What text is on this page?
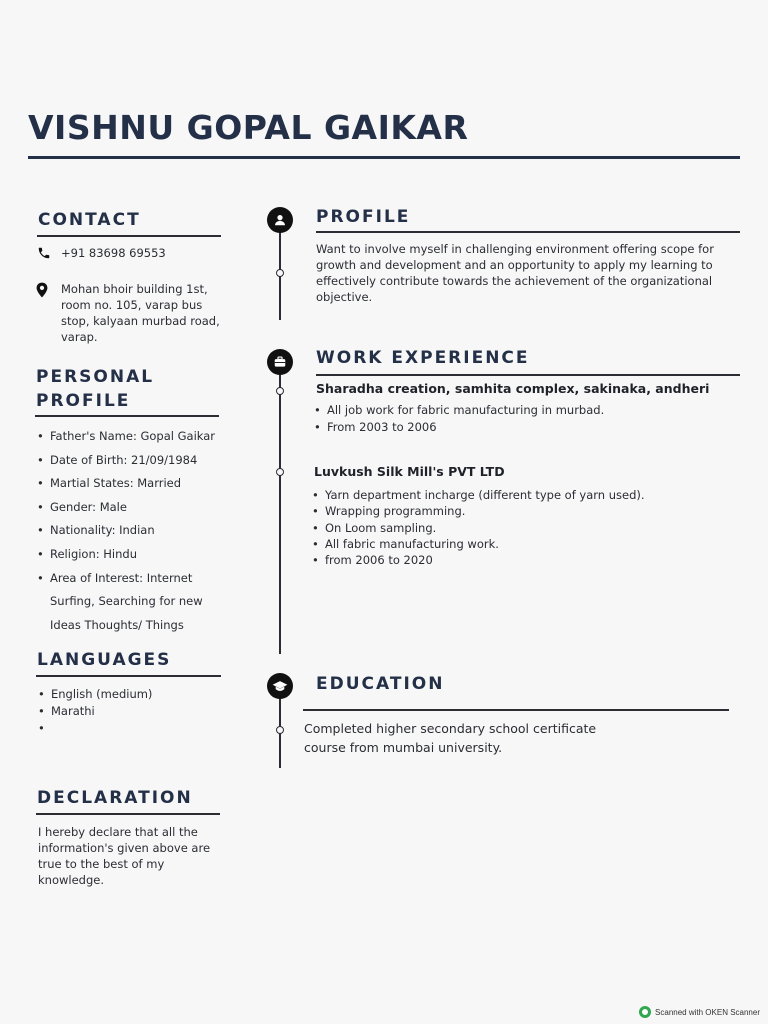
VISHNU GOPAL GAIKAR
CONTACT
+91 83698 69553
Mohan bhoir building 1st,
room no. 105, varap bus
stop, kalyaan murbad road,
varap.
PERSONAL
PROFILE
• Father's Name: Gopal Gaikar
• Date of Birth: 21/09/1984
• Martial States: Married
• Gender: Male
• Nationality: Indian
• Religion: Hindu
• Area of Interest: Internet
Surfing, Searching for new
Ideas Thoughts/ Things
LANGUAGES
• English (medium)
• Marathi
DECLARATION
I hereby declare that all the
information's given above are
true to the best of my
knowledge.
PROFILE
Want to involve myself in challenging environment offering scope for
growth and development and an opportunity to apply my learning to
effectively contribute towards the achievement of the organizational
objective.
WORK EXPERIENCE
Sharadha creation, samhita complex, sakinaka, andheri
• All job work for fabric manufacturing in murbad.
• From 2003 to 2006
Luvkush Silk Mill's PVT LTD
• Yarn department incharge (different type of yarn used).
• Wrapping programming.
• On Loom sampling.
• All fabric manufacturing work.
• from 2006 to 2020
EDUCATION
Completed higher secondary school certificate
course from mumbai university.
Scanned with OKEN Scanner
